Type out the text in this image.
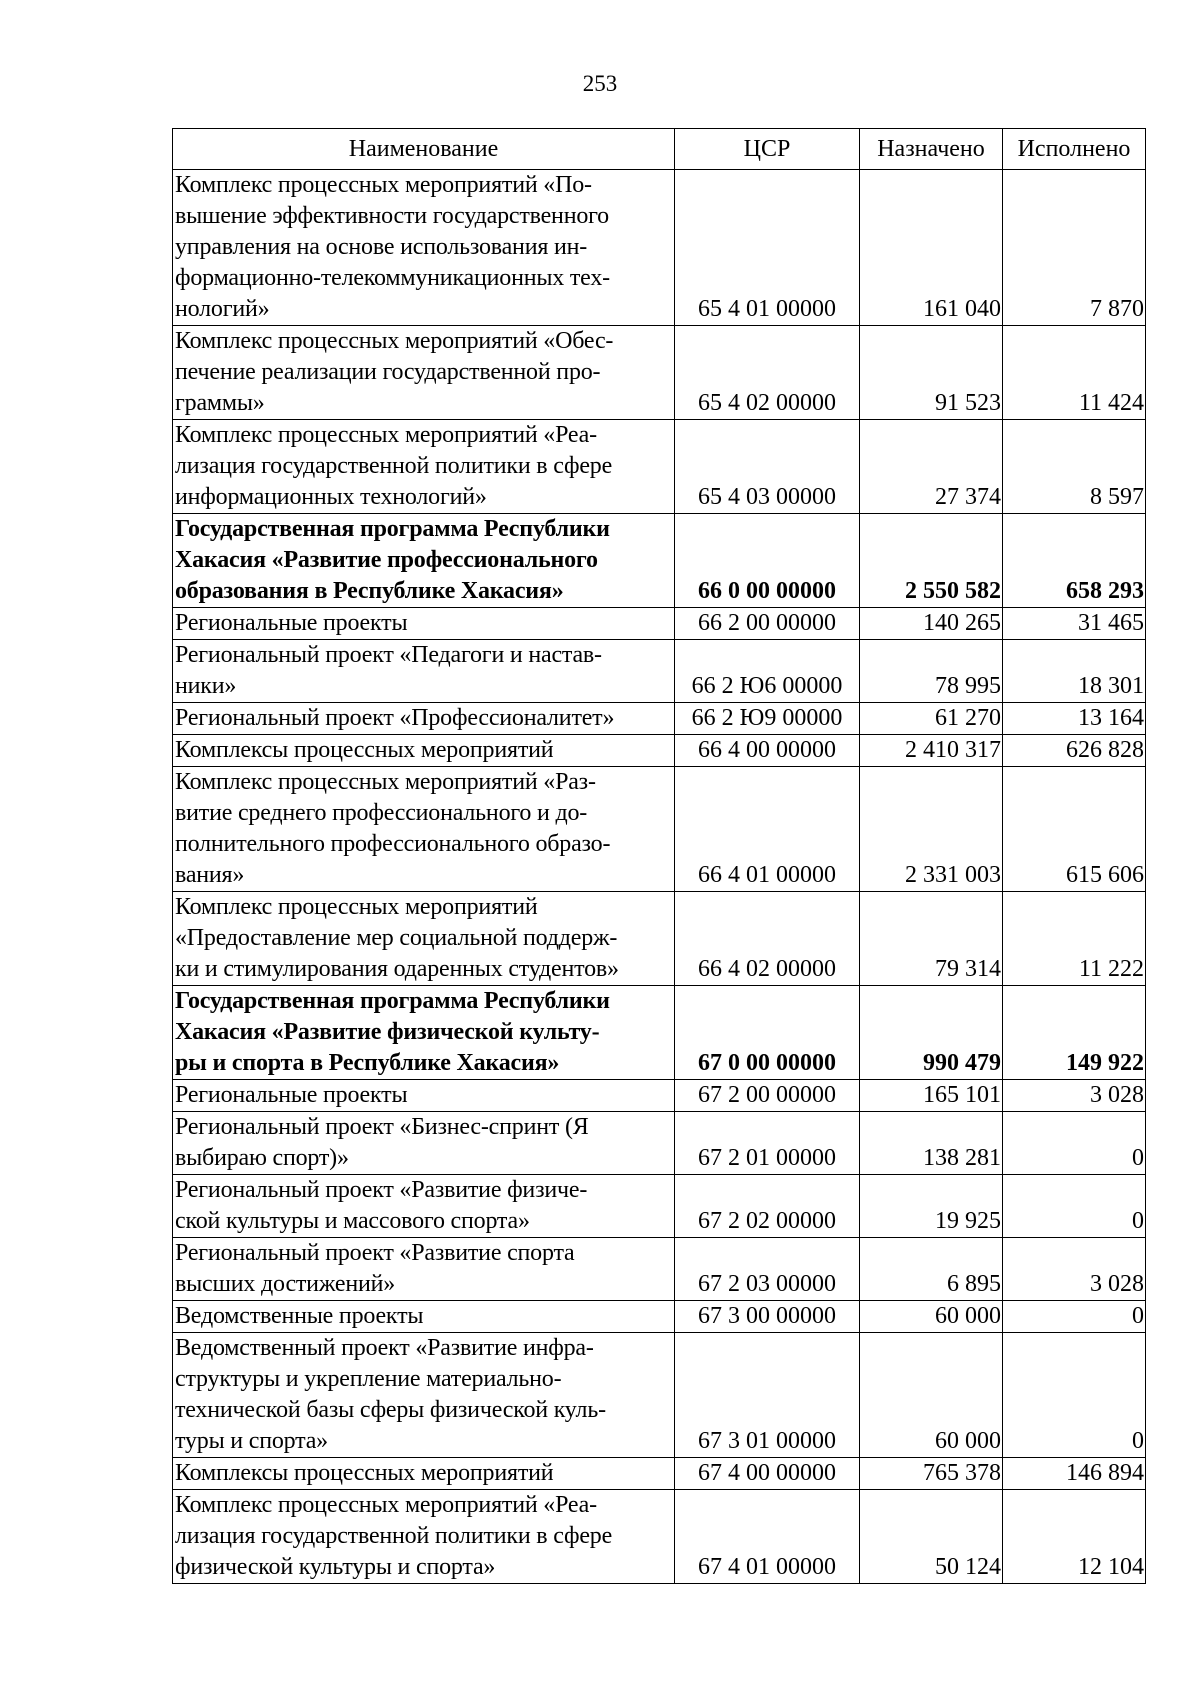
253
Наименование	ЦСР	Назначено	Исполнено

Комплекс процессных мероприятий «По-
вышение эффективности государственного
управления на основе использования ин-
формационно-телекоммуникационных тех-
нологий»	65 4 01 00000	161 040	7 870

Комплекс процессных мероприятий «Обес-
печение реализации государственной про-
граммы»	65 4 02 00000	91 523	11 424

Комплекс процессных мероприятий «Реа-
лизация государственной политики в сфере
информационных технологий»	65 4 03 00000	27 374	8 597

Государственная программа Республики
Хакасия «Развитие профессионального
образования в Республике Хакасия»	66 0 00 00000	2 550 582	658 293

Региональные проекты	66 2 00 00000	140 265	31 465

Региональный проект «Педагоги и настав-
ники»	66 2 Ю6 00000	78 995	18 301

Региональный проект «Профессионалитет»	66 2 Ю9 00000	61 270	13 164

Комплексы процессных мероприятий	66 4 00 00000	2 410 317	626 828

Комплекс процессных мероприятий «Раз-
витие среднего профессионального и до-
полнительного профессионального образо-
вания»	66 4 01 00000	2 331 003	615 606

Комплекс процессных мероприятий
«Предоставление мер социальной поддерж-
ки и стимулирования одаренных студентов»	66 4 02 00000	79 314	11 222

Государственная программа Республики
Хакасия «Развитие физической культу-
ры и спорта в Республике Хакасия»	67 0 00 00000	990 479	149 922

Региональные проекты	67 2 00 00000	165 101	3 028

Региональный проект «Бизнес-спринт (Я
выбираю спорт)»	67 2 01 00000	138 281	0

Региональный проект «Развитие физиче-
ской культуры и массового спорта»	67 2 02 00000	19 925	0

Региональный проект «Развитие спорта
высших достижений»	67 2 03 00000	6 895	3 028

Ведомственные проекты	67 3 00 00000	60 000	0

Ведомственный проект «Развитие инфра-
структуры и укрепление материально-
технической базы сферы физической куль-
туры и спорта»	67 3 01 00000	60 000	0

Комплексы процессных мероприятий	67 4 00 00000	765 378	146 894

Комплекс процессных мероприятий «Реа-
лизация государственной политики в сфере
физической культуры и спорта»	67 4 01 00000	50 124	12 104
